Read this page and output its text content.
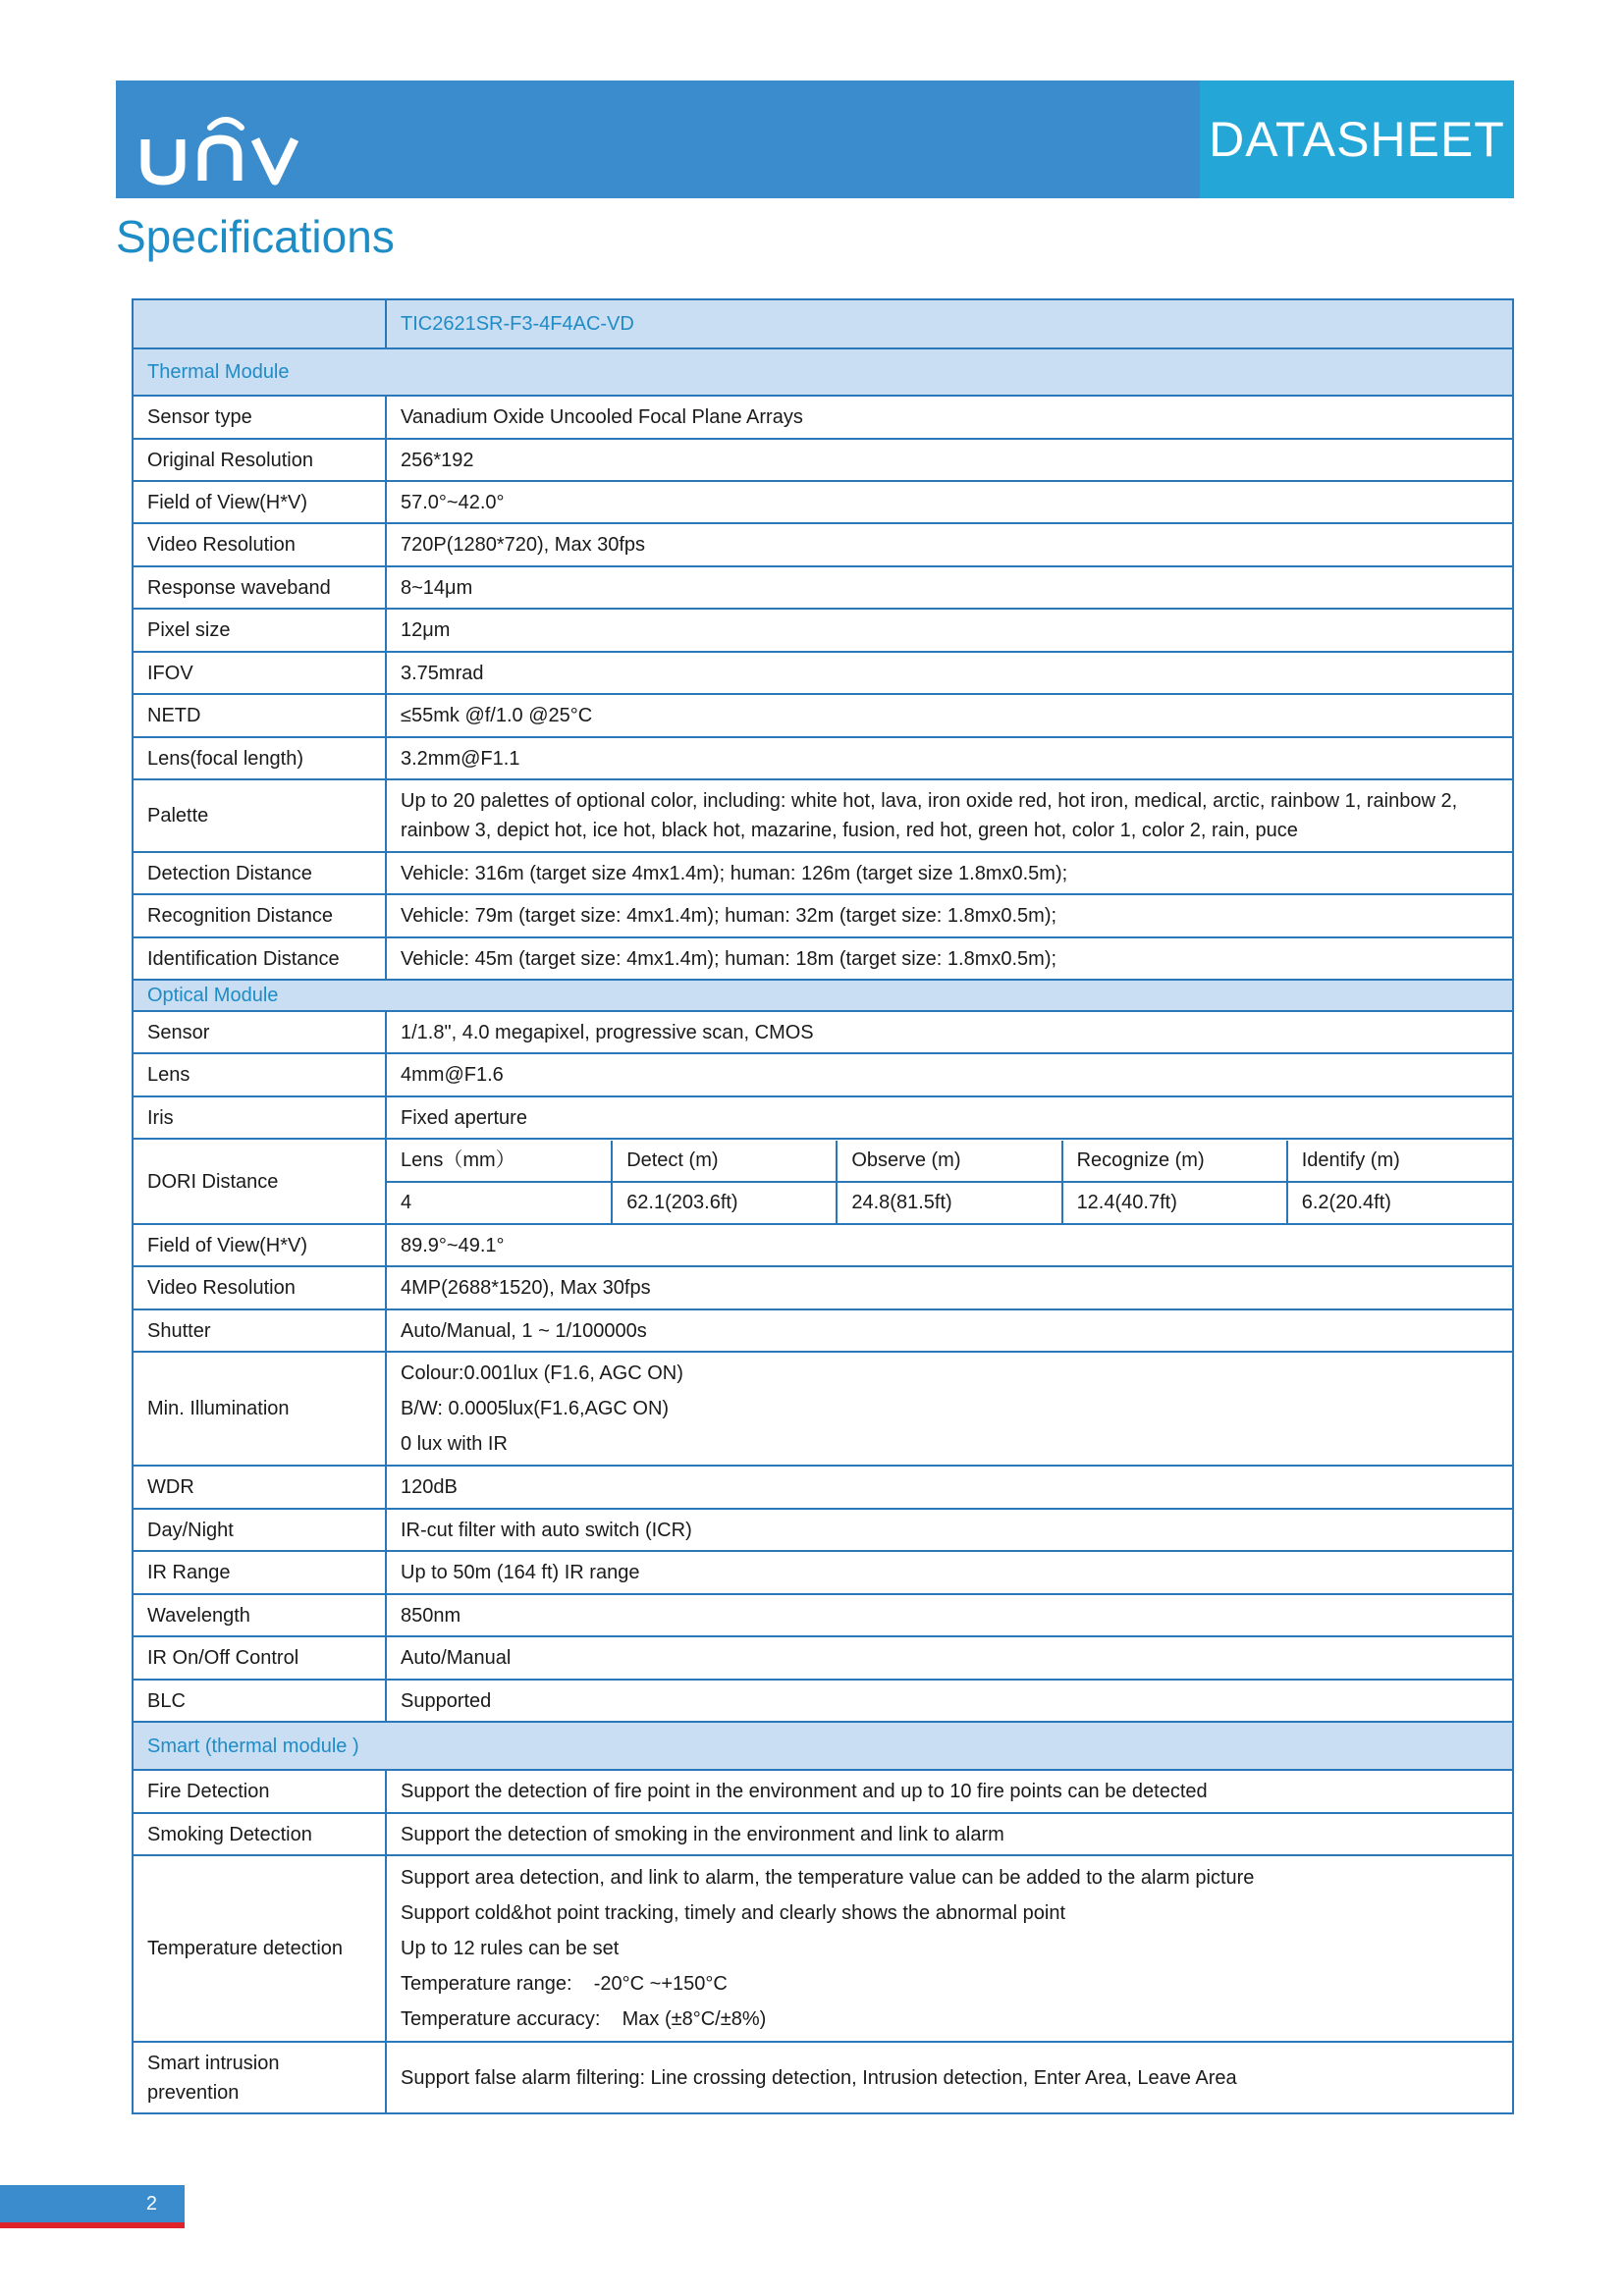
DATASHEET
Specifications
	TIC2621SR-F3-4F4AC-VD
Thermal Module
Sensor type	Vanadium Oxide Uncooled Focal Plane Arrays
Original Resolution	256*192
Field of View(H*V)	57.0°~42.0°
Video Resolution	720P(1280*720), Max 30fps
Response waveband	8~14μm
Pixel size	12μm
IFOV	3.75mrad
NETD	≤55mk @f/1.0 @25°C
Lens(focal length)	3.2mm@F1.1
Palette	Up to 20 palettes of optional color, including: white hot, lava, iron oxide red, hot iron, medical, arctic, rainbow 1, rainbow 2, rainbow 3, depict hot, ice hot, black hot, mazarine, fusion, red hot, green hot, color 1, color 2, rain, puce
Detection Distance	Vehicle: 316m (target size 4mx1.4m); human: 126m (target size 1.8mx0.5m);
Recognition Distance	Vehicle: 79m (target size: 4mx1.4m); human: 32m (target size: 1.8mx0.5m);
Identification Distance	Vehicle: 45m (target size: 4mx1.4m); human: 18m (target size: 1.8mx0.5m);
Optical Module
Sensor	1/1.8", 4.0 megapixel, progressive scan, CMOS
Lens	4mm@F1.6
Iris	Fixed aperture
DORI Distance	
Lens（mm）	Detect (m)	Observe (m)	Recognize (m)	Identify (m)
4	62.1(203.6ft)	24.8(81.5ft)	12.4(40.7ft)	6.2(20.4ft)

Field of View(H*V)	89.9°~49.1°
Video Resolution	4MP(2688*1520), Max 30fps
Shutter	Auto/Manual, 1 ~ 1/100000s
Min. Illumination	
Colour:0.001lux (F1.6, AGC ON)
B/W: 0.0005lux(F1.6,AGC ON)
0 lux with IR

WDR	120dB
Day/Night	IR-cut filter with auto switch (ICR)
IR Range	Up to 50m (164 ft) IR range
Wavelength	850nm
IR On/Off Control	Auto/Manual
BLC	Supported
Smart (thermal module )
Fire Detection	Support the detection of fire point in the environment and up to 10 fire points can be detected
Smoking Detection	Support the detection of smoking in the environment and link to alarm
Temperature detection	
Support area detection, and link to alarm, the temperature value can be added to the alarm picture
Support cold&hot point tracking, timely and clearly shows the abnormal point
Up to 12 rules can be set
Temperature range:    -20°C ~+150°C
Temperature accuracy:    Max (±8°C/±8%)

Smart intrusion prevention	Support false alarm filtering: Line crossing detection, Intrusion detection, Enter Area, Leave Area
2
